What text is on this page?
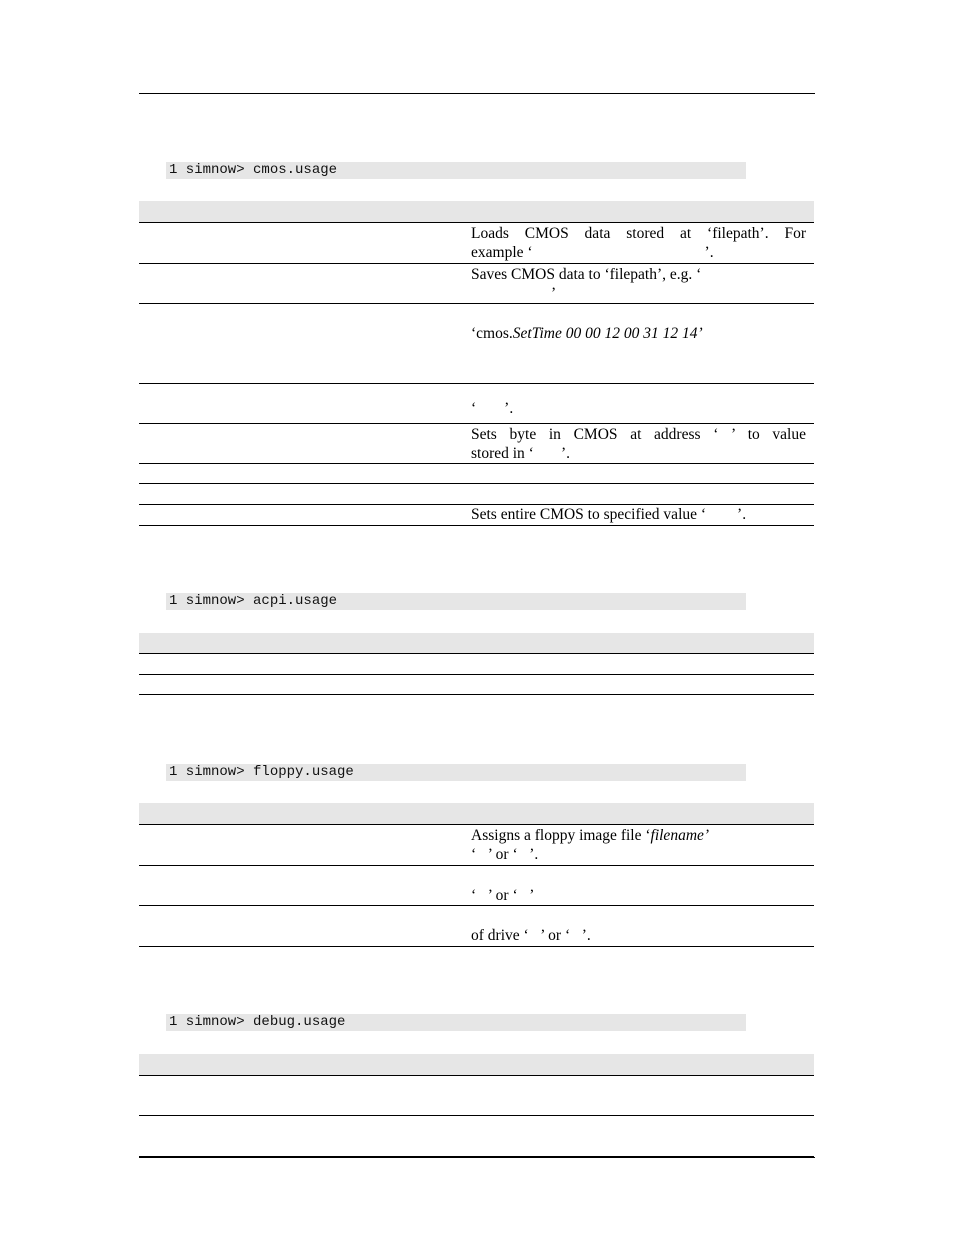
1 simnow> cmos.usage
Loads CMOS data stored at ‘filepath’. For
example ‘	’.
Saves CMOS data to ‘filepath’, e.g. ‘
’
‘cmos.SetTime 00 00 12 00 31 12 14’
‘ ’.
Sets byte in CMOS at address ‘ ’ to value
stored in ‘       ’.
Sets entire CMOS to specified value ‘        ’.
1 simnow> acpi.usage
1 simnow> floppy.usage
Assigns a floppy image file ‘filename’
‘   ’ or ‘   ’.
‘   ’ or ‘   ’
of drive ‘   ’ or ‘   ’.
1 simnow> debug.usage
